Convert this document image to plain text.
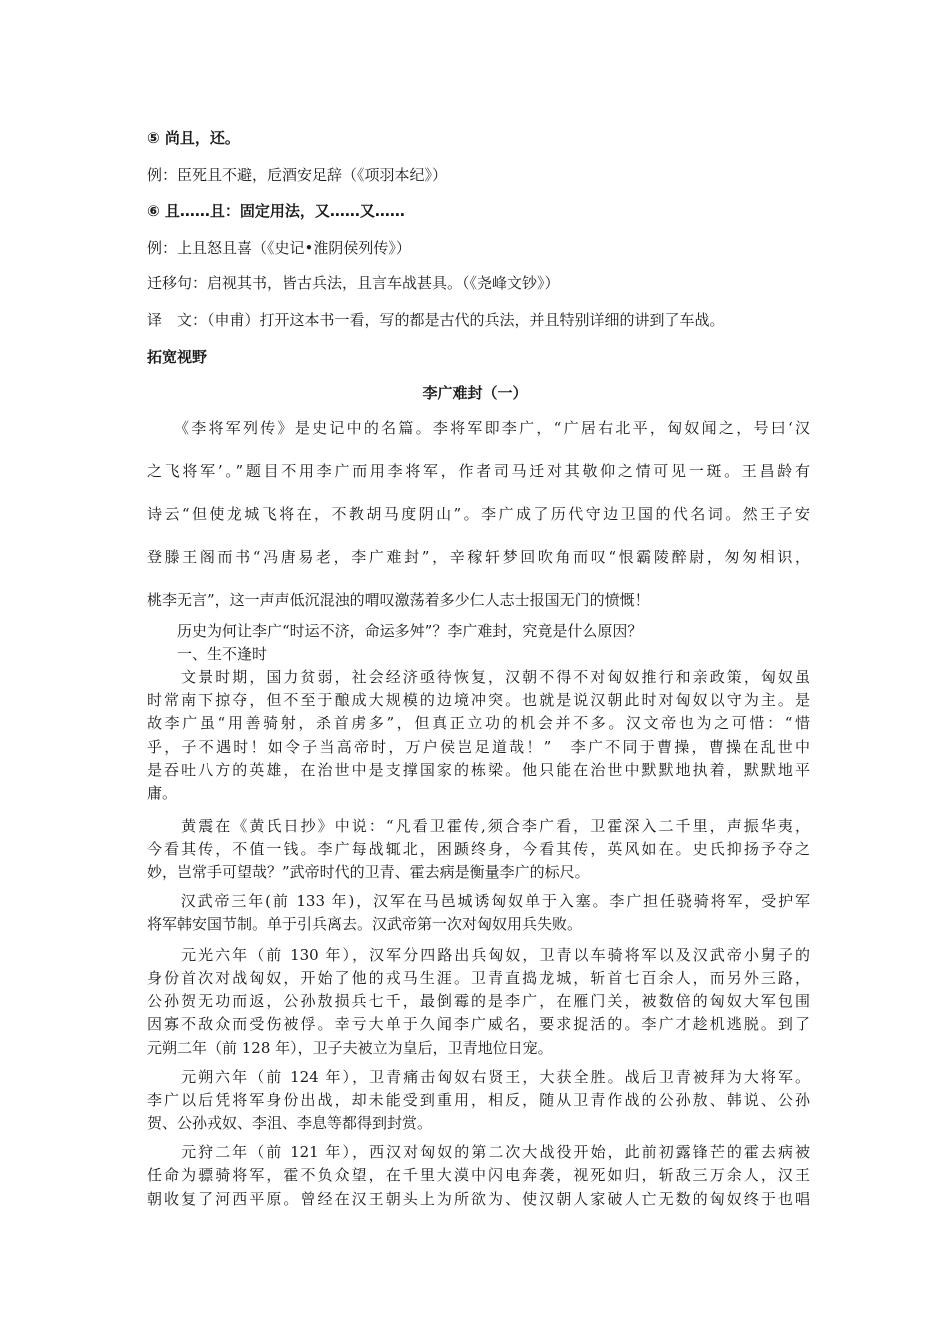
⑤ 尚且，还。
例：臣死且不避，卮酒安足辞（《项羽本纪》）
⑥ 且……且：固定用法，又……又……
例：上且怒且喜（《史记•淮阴侯列传》）
迁移句：启视其书，皆古兵法，且言车战甚具。（《尧峰文钞》）
译　文：（申甫）打开这本书一看，写的都是古代的兵法，并且特别详细的讲到了车战。
拓宽视野
李广难封（一）
　　《李将军列传》是史记中的名篇。李将军即李广，“广居右北平，匈奴闻之，号曰‘汉
之飞将军’。”题目不用李广而用李将军，作者司马迁对其敬仰之情可见一斑。王昌龄有
诗云“但使龙城飞将在，不教胡马度阴山”。李广成了历代守边卫国的代名词。然王子安
登滕王阁而书“冯唐易老，李广难封”，辛稼轩梦回吹角而叹“恨霸陵醉尉，匆匆相识，
桃李无言”，这一声声低沉混浊的喟叹激荡着多少仁人志士报国无门的愤慨！
　　历史为何让李广“时运不济，命运多舛”？李广难封，究竟是什么原因？
　　一、生不逢时
　　文景时期，国力贫弱，社会经济亟待恢复，汉朝不得不对匈奴推行和亲政策，匈奴虽
时常南下掠夺，但不至于酿成大规模的边境冲突。也就是说汉朝此时对匈奴以守为主。是
故李广虽“用善骑射，杀首虏多”，但真正立功的机会并不多。汉文帝也为之可惜：“惜
乎，子不遇时！如令子当高帝时，万户侯岂足道哉！”　李广不同于曹操，曹操在乱世中
是吞吐八方的英雄，在治世中是支撑国家的栋梁。他只能在治世中默默地执着，默默地平
庸。
　　黄震在《黄氏日抄》中说：“凡看卫霍传,须合李广看，卫霍深入二千里，声振华夷，
今看其传，不值一钱。李广每战辄北，困踬终身，今看其传，英风如在。史氏抑扬予夺之
妙，岂常手可望哉？”武帝时代的卫青、霍去病是衡量李广的标尺。
　　汉武帝三年(前 133 年)，汉军在马邑城诱匈奴单于入塞。李广担任骁骑将军，受护军
将军韩安国节制。单于引兵离去。汉武帝第一次对匈奴用兵失败。
　　元光六年（前 130 年），汉军分四路出兵匈奴，卫青以车骑将军以及汉武帝小舅子的
身份首次对战匈奴，开始了他的戎马生涯。卫青直捣龙城，斩首七百余人，而另外三路，
公孙贺无功而返，公孙敖损兵七千，最倒霉的是李广，在雁门关，被数倍的匈奴大军包围
因寡不敌众而受伤被俘。幸亏大单于久闻李广威名，要求捉活的。李广才趁机逃脱。到了
元朔二年（前 128 年），卫子夫被立为皇后，卫青地位日宠。
　　元朔六年（前 124 年），卫青痛击匈奴右贤王，大获全胜。战后卫青被拜为大将军。
李广以后凭将军身份出战，却未能受到重用，相反，随从卫青作战的公孙敖、韩说、公孙
贺、公孙戎奴、李沮、李息等都得到封赏。
　　元狩二年（前 121 年），西汉对匈奴的第二次大战役开始，此前初露锋芒的霍去病被
任命为骠骑将军，霍不负众望，在千里大漠中闪电奔袭，视死如归，斩敌三万余人，汉王
朝收复了河西平原。曾经在汉王朝头上为所欲为、使汉朝人家破人亡无数的匈奴终于也唱
